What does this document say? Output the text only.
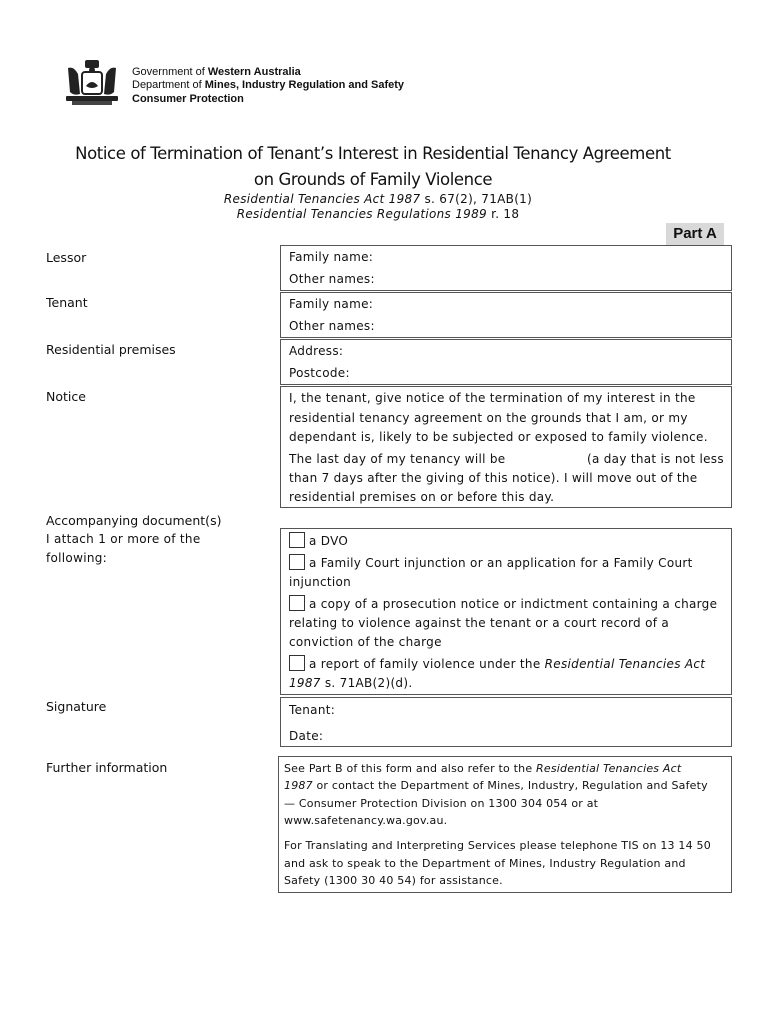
Government of Western Australia
Department of Mines, Industry Regulation and Safety
Consumer Protection
Notice of Termination of Tenant’s Interest in Residential Tenancy Agreement
on Grounds of Family Violence
Residential Tenancies Act 1987 s. 67(2), 71AB(1)
Residential Tenancies Regulations 1989 r. 18
Part A
Lessor	Family name:
Other names:
Tenant	Family name:
Other names:
Residential premises	Address:
Postcode:
Notice	I, the tenant, give notice of the termination of my interest in the
residential tenancy agreement on the grounds that I am, or my
dependant is, likely to be subjected or exposed to family violence.
The last day of my tenancy will be	(a day that is not less
than 7 days after the giving of this notice). I will move out of the
residential premises on or before this day.
Accompanying document(s)
I attach 1 or more of the
following:
a DVO
a Family Court injunction or an application for a Family Court
injunction
a copy of a prosecution notice or indictment containing a charge
relating to violence against the tenant or a court record of a
conviction of the charge
a report of family violence under the Residential Tenancies Act
1987 s. 71AB(2)(d).
Signature	Tenant:
Date:
Further information	See Part B of this form and also refer to the Residential Tenancies Act
1987 or contact the Department of Mines, Industry, Regulation and Safety
— Consumer Protection Division on 1300 304 054 or at
www.safetenancy.wa.gov.au.
For Translating and Interpreting Services please telephone TIS on 13 14 50
and ask to speak to the Department of Mines, Industry Regulation and
Safety (1300 30 40 54) for assistance.
